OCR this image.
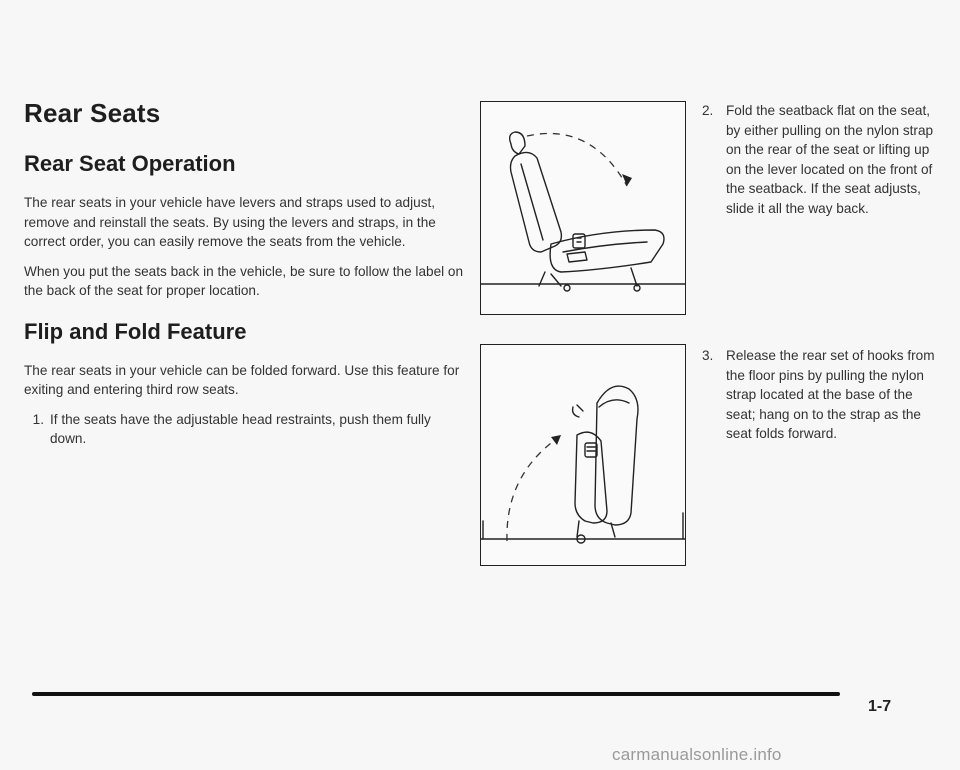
Rear Seats
Rear Seat Operation

The rear seats in your vehicle have levers and straps used to adjust, remove and reinstall the seats. By using the levers and straps, in the correct order, you can easily remove the seats from the vehicle.

When you put the seats back in the vehicle, be sure to follow the label on the back of the seat for proper location.

Flip and Fold Feature

The rear seats in your vehicle can be folded forward. Use this feature for exiting and entering third row seats.

1. If the seats have the adjustable head restraints, push them fully down.
2. Fold the seatback flat on the seat, by either pulling on the nylon strap on the rear of the seat or lifting up on the lever located on the front of the seatback. If the seat adjusts, slide it all the way back.
3. Release the rear set of hooks from the floor pins by pulling the nylon strap located at the base of the seat; hang on to the strap as the seat folds forward.
1-7
carmanualsonline.info
